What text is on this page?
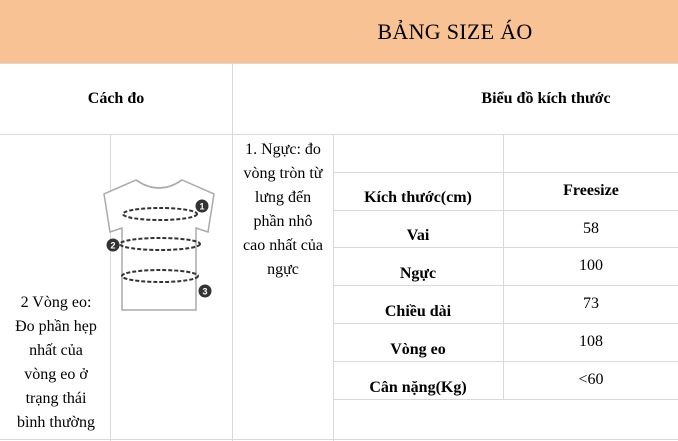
BẢNG SIZE ÁO
Cách đo	Biểu đồ kích thước
2 Vòng eo:
Đo phần hẹp
nhất của
vòng eo ở
trạng thái
bình thường
1
2
3
1. Ngực: đo
vòng tròn từ
lưng đến
phần nhô
cao nhất của
ngực
Kích thước(cm)	Freesize
Vai	58
Ngực	100
Chiều dài	73
Vòng eo	108
Cân nặng(Kg)	<60
